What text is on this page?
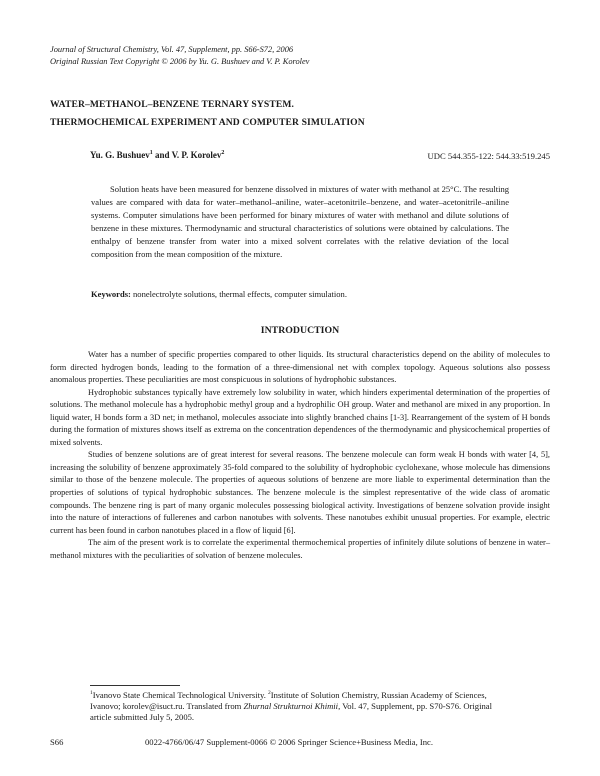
Journal of Structural Chemistry, Vol. 47, Supplement, pp. S66-S72, 2006
Original Russian Text Copyright © 2006 by Yu. G. Bushuev and V. P. Korolev
WATER–METHANOL–BENZENE TERNARY SYSTEM.
THERMOCHEMICAL EXPERIMENT AND COMPUTER SIMULATION
Yu. G. Bushuev$^1$ and V. P. Korolev$^2$	UDC 544.355-122: 544.33:519.245

Solution heats have been measured for benzene dissolved in mixtures of water with methanol at 25°C. The resulting values are compared with data for water–methanol–aniline, water–acetonitrile–benzene, and water–acetonitrile–aniline systems. Computer simulations have been performed for binary mixtures of water with methanol and dilute solutions of benzene in these mixtures. Thermodynamic and structural characteristics of solutions were obtained by calculations. The enthalpy of benzene transfer from water into a mixed solvent correlates with the relative deviation of the local composition from the mean composition of the mixture.

Keywords: nonelectrolyte solutions, thermal effects, computer simulation.
INTRODUCTION

Water has a number of specific properties compared to other liquids. Its structural characteristics depend on the ability of molecules to form directed hydrogen bonds, leading to the formation of a three-dimensional net with complex topology. Aqueous solutions also possess anomalous properties. These peculiarities are most conspicuous in solutions of hydrophobic substances.

Hydrophobic substances typically have extremely low solubility in water, which hinders experimental determination of the properties of solutions. The methanol molecule has a hydrophobic methyl group and a hydrophilic OH group. Water and methanol are mixed in any proportion. In liquid water, H bonds form a 3D net; in methanol, molecules associate into slightly branched chains [1-3]. Rearrangement of the system of H bonds during the formation of mixtures shows itself as extrema on the concentration dependences of the thermodynamic and physicochemical properties of mixed solvents.

Studies of benzene solutions are of great interest for several reasons. The benzene molecule can form weak H bonds with water [4, 5], increasing the solubility of benzene approximately 35-fold compared to the solubility of hydrophobic cyclohexane, whose molecule has dimensions similar to those of the benzene molecule. The properties of aqueous solutions of benzene are more liable to experimental determination than the properties of solutions of typical hydrophobic substances. The benzene molecule is the simplest representative of the wide class of aromatic compounds. The benzene ring is part of many organic molecules possessing biological activity. Investigations of benzene solvation provide insight into the nature of interactions of fullerenes and carbon nanotubes with solvents. These nanotubes exhibit unusual properties. For example, electric current has been found in carbon nanotubes placed in a flow of liquid [6].

The aim of the present work is to correlate the experimental thermochemical properties of infinitely dilute solutions of benzene in water–methanol mixtures with the peculiarities of solvation of benzene molecules.

$^1$Ivanovo State Chemical Technological University. $^2$Institute of Solution Chemistry, Russian Academy of Sciences, Ivanovo; korolev@isuct.ru. Translated from Zhurnal Strukturnoi Khimii, Vol. 47, Supplement, pp. S70-S76. Original article submitted July 5, 2005.
S66	0022-4766/06/47 Supplement-0066 © 2006 Springer Science+Business Media, Inc.
